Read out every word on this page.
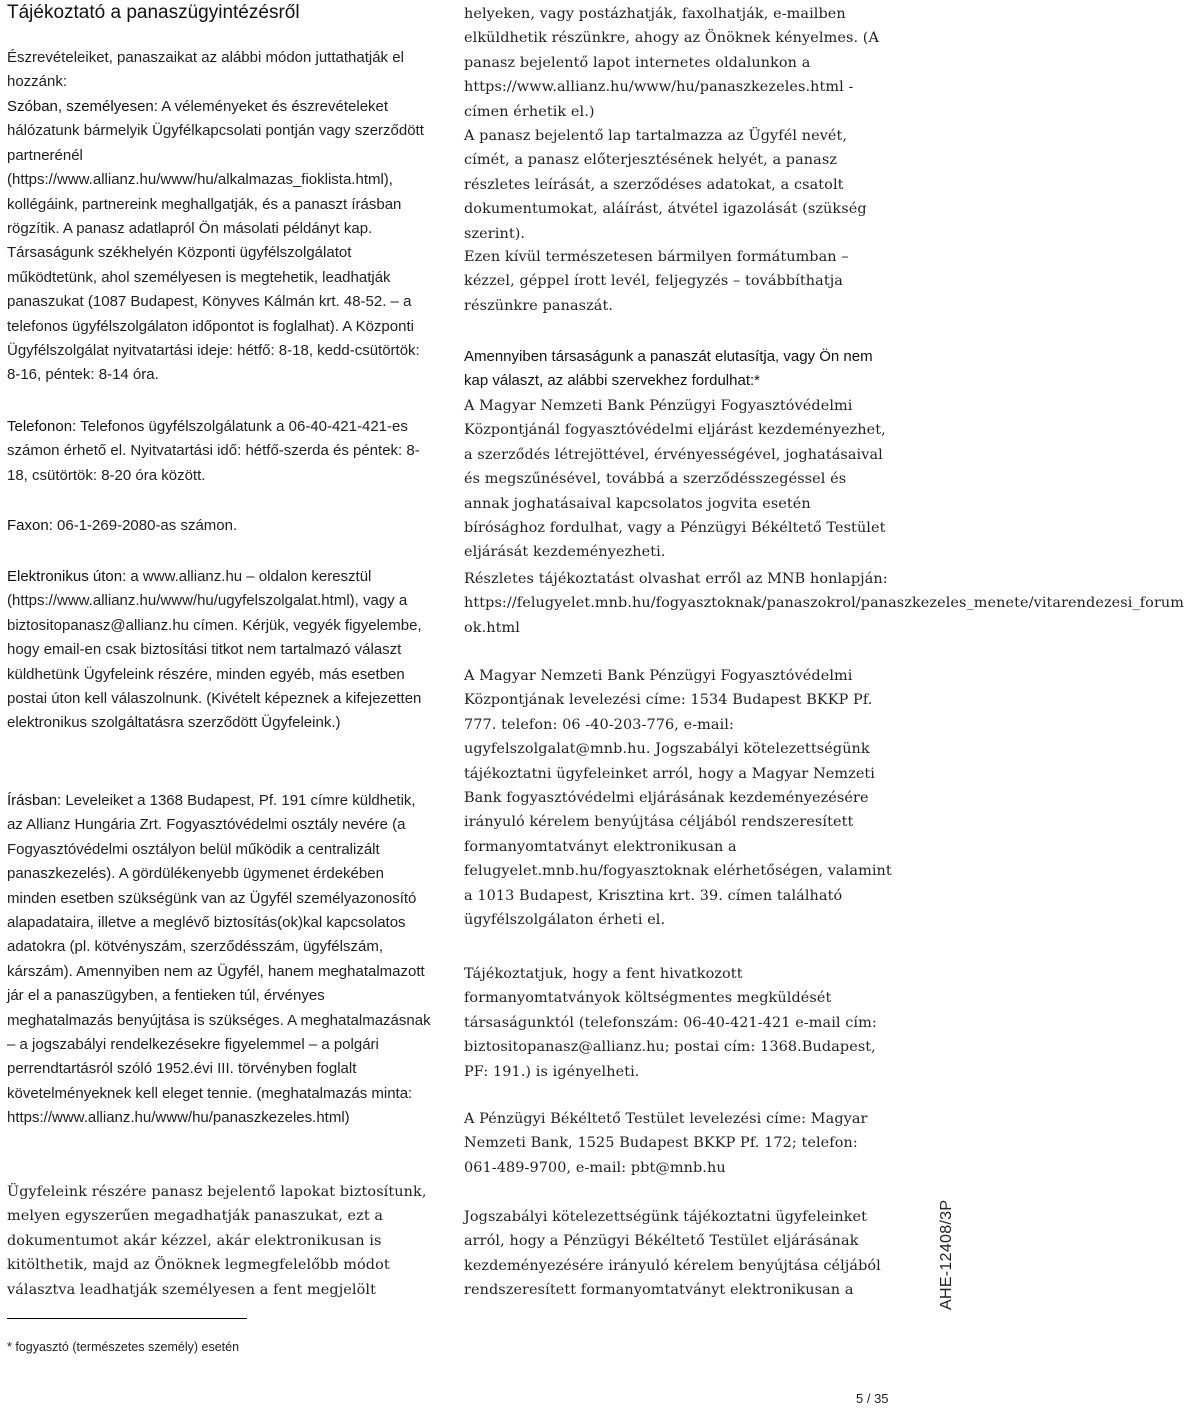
Tájékoztató a panaszügyintézésről

Észrevételeiket, panaszaikat az alábbi módon juttathatják el hozzánk:

Szóban, személyesen: A véleményeket és észrevételeket hálózatunk bármelyik Ügyfélkapcsolati pontján vagy szerződött partnerénél (https://www.allianz.hu/www/hu/alkalmazas_fioklista.html), kollégáink, partnereink meghallgatják, és a panaszt írásban rögzítik. A panasz adatlapról Ön másolati példányt kap. Társaságunk székhelyén Központi ügyfélszolgálatot működtetünk, ahol személyesen is megtehetik, leadhatják panaszukat (1087 Budapest, Könyves Kálmán krt. 48-52. – a telefonos ügyfélszolgálaton időpontot is foglalhat). A Központi Ügyfélszolgálat nyitvatartási ideje: hétfő: 8-18, kedd-csütörtök: 8-16, péntek: 8-14 óra.

Telefonon: Telefonos ügyfélszolgálatunk a 06-40-421-421-es számon érhető el. Nyitvatartási idő: hétfő-szerda és péntek: 8-18, csütörtök: 8-20 óra között.

Faxon: 06-1-269-2080-as számon.

Elektronikus úton: a www.allianz.hu – oldalon keresztül (https://www.allianz.hu/www/hu/ugyfelszolgalat.html), vagy a biztositopanasz@allianz.hu címen. Kérjük, vegyék figyelembe, hogy email-en csak biztosítási titkot nem tartalmazó választ küldhetünk Ügyfeleink részére, minden egyéb, más esetben postai úton kell válaszolnunk. (Kivételt képeznek a kifejezetten elektronikus szolgáltatásra szerződött Ügyfeleink.)

Írásban: Leveleiket a 1368 Budapest, Pf. 191 címre küldhetik, az Allianz Hungária Zrt. Fogyasztóvédelmi osztály nevére (a Fogyasztóvédelmi osztályon belül működik a centralizált panaszkezelés). A gördülékenyebb ügymenet érdekében minden esetben szükségünk van az Ügyfél személyazonosító alapadataira, illetve a meglévő biztosítás(ok)kal kapcsolatos adatokra (pl. kötvényszám, szerződésszám, ügyfélszám, kárszám). Amennyiben nem az Ügyfél, hanem meghatalmazott jár el a panaszügyben, a fentieken túl, érvényes meghatalmazás benyújtása is szükséges. A meghatalmazásnak – a jogszabályi rendelkezésekre figyelemmel – a polgári perrendtartásról szóló 1952.évi III. törvényben foglalt követelményeknek kell eleget tennie. (meghatalmazás minta: https://www.allianz.hu/www/hu/panaszkezeles.html)

Ügyfeleink részére panasz bejelentő lapokat biztosítunk, melyen egyszerűen megadhatják panaszukat, ezt a dokumentumot akár kézzel, akár elektronikusan is kitölthetik, majd az Önöknek legmegfelelőbb módot választva leadhatják személyesen a fent megjelölt

helyeken, vagy postázhatják, faxolhatják, e-mailben elküldhetik részünkre, ahogy az Önöknek kényelmes. (A panasz bejelentő lapot internetes oldalunkon a https://www.allianz.hu/www/hu/panaszkezeles.html - címen érhetik el.)

A panasz bejelentő lap tartalmazza az Ügyfél nevét, címét, a panasz előterjesztésének helyét, a panasz részletes leírását, a szerződéses adatokat, a csatolt dokumentumokat, aláírást, átvétel igazolását (szükség szerint).

Ezen kívül természetesen bármilyen formátumban – kézzel, géppel írott levél, feljegyzés – továbbíthatja részünkre panaszát.

Amennyiben társaságunk a panaszát elutasítja, vagy Ön nem kap választ, az alábbi szervekhez fordulhat:*

A Magyar Nemzeti Bank Pénzügyi Fogyasztóvédelmi Központjánál fogyasztóvédelmi eljárást kezdeményezhet, a szerződés létrejöttével, érvényességével, joghatásaival és megszűnésével, továbbá a szerződésszegéssel és annak joghatásaival kapcsolatos jogvita esetén bírósághoz fordulhat, vagy a Pénzügyi Békéltető Testület eljárását kezdeményezheti.

Részletes tájékoztatást olvashat erről az MNB honlapján: https://felugyelet.mnb.hu/fogyasztoknak/panaszokrol/panaszkezeles_menete/vitarendezesi_forum ok.html

A Magyar Nemzeti Bank Pénzügyi Fogyasztóvédelmi Központjának levelezési címe: 1534 Budapest BKKP Pf. 777. telefon: 06 -40-203-776, e-mail: ugyfelszolgalat@mnb.hu. Jogszabályi kötelezettségünk tájékoztatni ügyfeleinket arról, hogy a Magyar Nemzeti Bank fogyasztóvédelmi eljárásának kezdeményezésére irányuló kérelem benyújtása céljából rendszeresített formanyomtatványt elektronikusan a felugyelet.mnb.hu/fogyasztoknak elérhetőségen, valamint a 1013 Budapest, Krisztina krt. 39. címen található ügyfélszolgálaton érheti el.

Tájékoztatjuk, hogy a fent hivatkozott formanyomtatványok költségmentes megküldését társaságunktól (telefonszám: 06-40-421-421 e-mail cím: biztositopanasz@allianz.hu; postai cím: 1368.Budapest, PF: 191.) is igényelheti.

A Pénzügyi Békéltető Testület levelezési címe: Magyar Nemzeti Bank, 1525 Budapest BKKP Pf. 172; telefon: 061-489-9700, e-mail: pbt@mnb.hu

Jogszabályi kötelezettségünk tájékoztatni ügyfeleinket arról, hogy a Pénzügyi Békéltető Testület eljárásának kezdeményezésére irányuló kérelem benyújtása céljából rendszeresített formanyomtatványt elektronikusan a

* fogyasztó (természetes személy) esetén
AHE-12408/3P
5 / 35
